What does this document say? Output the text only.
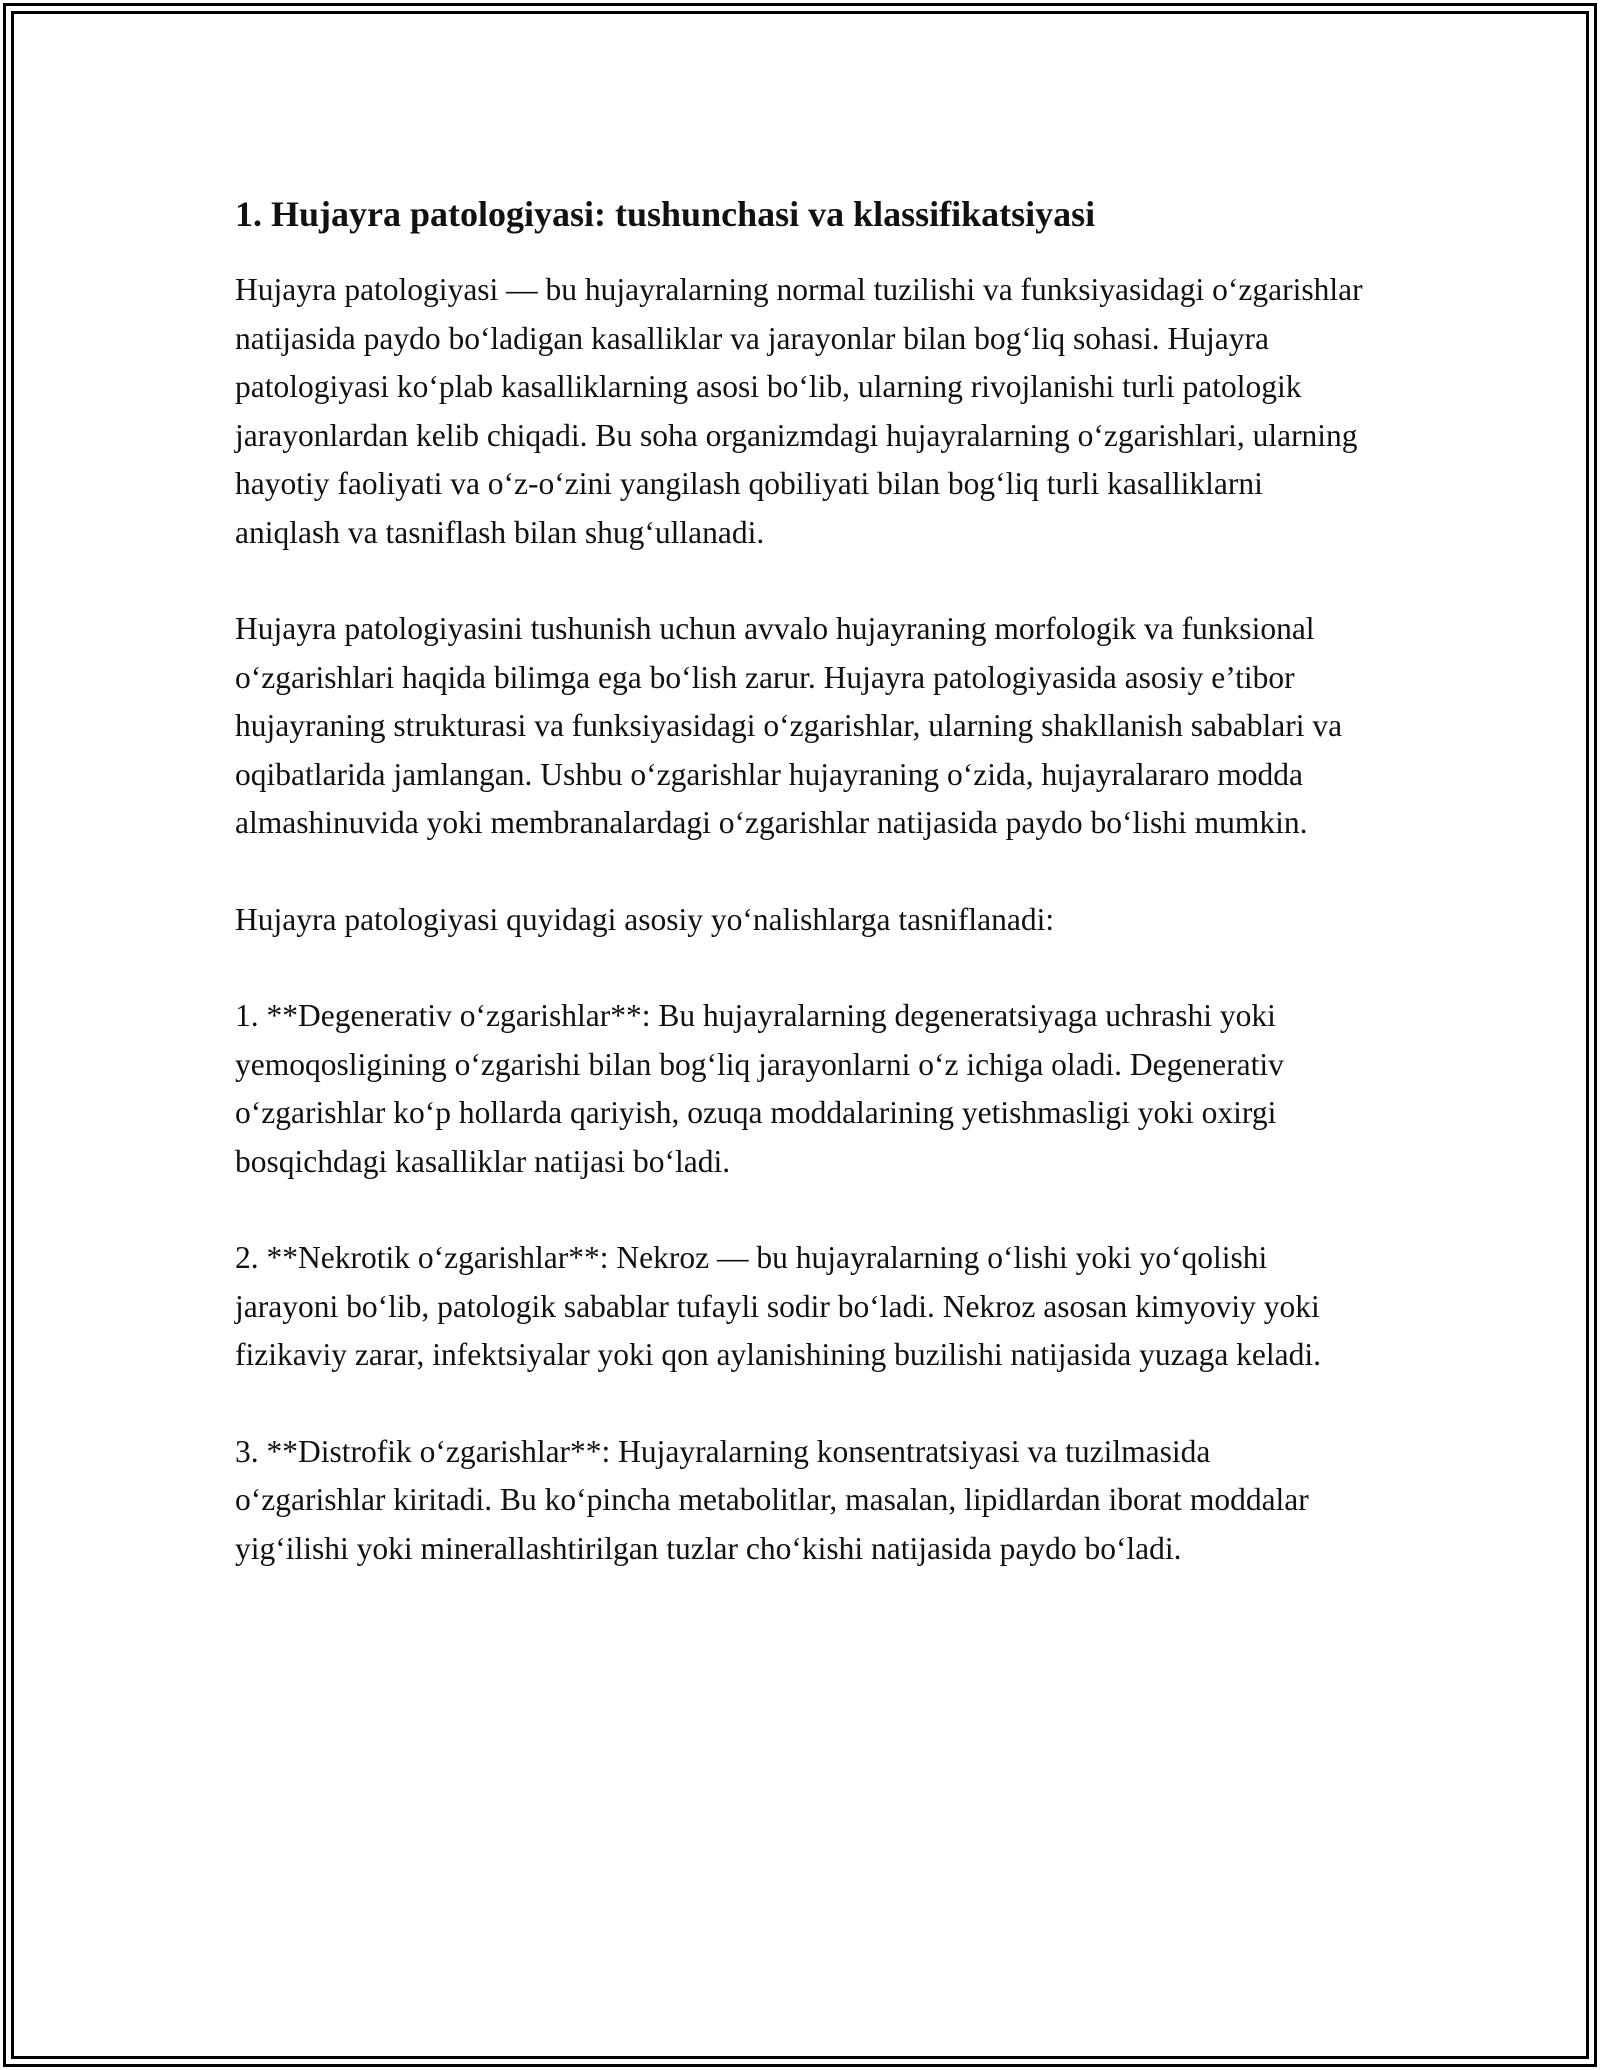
1. Hujayra patologiyasi: tushunchasi va klassifikatsiyasi

Hujayra patologiyasi — bu hujayralarning normal tuzilishi va funksiyasidagi o‘zgarishlar natijasida paydo bo‘ladigan kasalliklar va jarayonlar bilan bog‘liq sohasi. Hujayra patologiyasi ko‘plab kasalliklarning asosi bo‘lib, ularning rivojlanishi turli patologik jarayonlardan kelib chiqadi. Bu soha organizmdagi hujayralarning o‘zgarishlari, ularning hayotiy faoliyati va o‘z-o‘zini yangilash qobiliyati bilan bog‘liq turli kasalliklarni aniqlash va tasniflash bilan shug‘ullanadi.

Hujayra patologiyasini tushunish uchun avvalo hujayraning morfologik va funksional o‘zgarishlari haqida bilimga ega bo‘lish zarur. Hujayra patologiyasida asosiy e’tibor hujayraning strukturasi va funksiyasidagi o‘zgarishlar, ularning shakllanish sabablari va oqibatlarida jamlangan. Ushbu o‘zgarishlar hujayraning o‘zida, hujayralararo modda almashinuvida yoki membranalardagi o‘zgarishlar natijasida paydo bo‘lishi mumkin.

Hujayra patologiyasi quyidagi asosiy yo‘nalishlarga tasniflanadi:

1. **Degenerativ o‘zgarishlar**: Bu hujayralarning degeneratsiyaga uchrashi yoki yemoqosligining o‘zgarishi bilan bog‘liq jarayonlarni o‘z ichiga oladi. Degenerativ o‘zgarishlar ko‘p hollarda qariyish, ozuqa moddalarining yetishmasligi yoki oxirgi bosqichdagi kasalliklar natijasi bo‘ladi.

2. **Nekrotik o‘zgarishlar**: Nekroz — bu hujayralarning o‘lishi yoki yo‘qolishi jarayoni bo‘lib, patologik sabablar tufayli sodir bo‘ladi. Nekroz asosan kimyoviy yoki fizikaviy zarar, infektsiyalar yoki qon aylanishining buzilishi natijasida yuzaga keladi.

3. **Distrofik o‘zgarishlar**: Hujayralarning konsentratsiyasi va tuzilmasida o‘zgarishlar kiritadi. Bu ko‘pincha metabolitlar, masalan, lipidlardan iborat moddalar yig‘ilishi yoki minerallashtirilgan tuzlar cho‘kishi natijasida paydo bo‘ladi.
